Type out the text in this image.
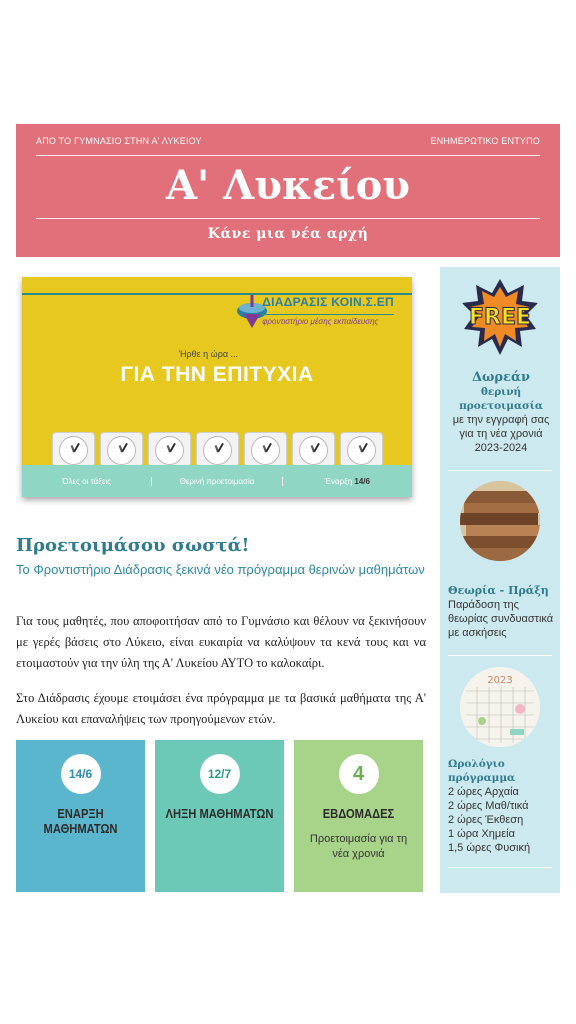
ΑΠΟ ΤΟ ΓΥΜΝΑΣΙΟ ΣΤΗΝ Α' ΛΥΚΕΙΟΥ	ΕΝΗΜΕΡΩΤΙΚΟ ΕΝΤΥΠΟ
Α' Λυκείου
Κάνε μια νέα αρχή
ΔΙΑΔΡΑΣΙΣ ΚΟΙΝ.Σ.ΕΠ
φροντιστήριο μέσης εκπαίδευσης
Ήρθε η ώρα ...
ΓΙΑ ΤΗΝ ΕΠΙΤΥΧΙΑ
Όλες οι τάξεις	Θερινή προετοιμασία	Έναρξη 14/6
Προετοιμάσου σωστά!
Το Φροντιστήριο Διάδρασις ξεκινά νέο πρόγραμμα θερινών μαθημάτων
Για τους μαθητές, που αποφοιτήσαν από το Γυμνάσιο και θέλουν να ξεκινήσουν με γερές βάσεις στο Λύκειο, είναι ευκαιρία να καλύψουν τα κενά τους και να ετοιμαστούν για την ύλη της Α' Λυκείου ΑΥΤΟ το καλοκαίρι.
Στο Διάδρασις έχουμε ετοιμάσει ένα πρόγραμμα με τα βασικά μαθήματα της Α' Λυκείου και επαναλήψεις των προηγούμενων ετών.
14/6
ΕΝΑΡΞΗ ΜΑΘΗΜΑΤΩΝ
12/7
ΛΗΞΗ ΜΑΘΗΜΑΤΩΝ
4
ΕΒΔΟΜΑΔΕΣ
Προετοιμασία για τη νέα χρονιά
FREE
Δωρεάν
θερινή προετοιμασία
με την εγγραφή σας για τη νέα χρονιά 2023-2024
Θεωρία - Πράξη
Παράδοση της θεωρίας συνδυαστικά με ασκήσεις
2023
Ωρολόγιο πρόγραμμα
2 ώρες Αρχαία
2 ώρες Μαθ/τικά
2 ώρες Έκθεση
1 ώρα Χημεία
1,5 ώρες Φυσική
